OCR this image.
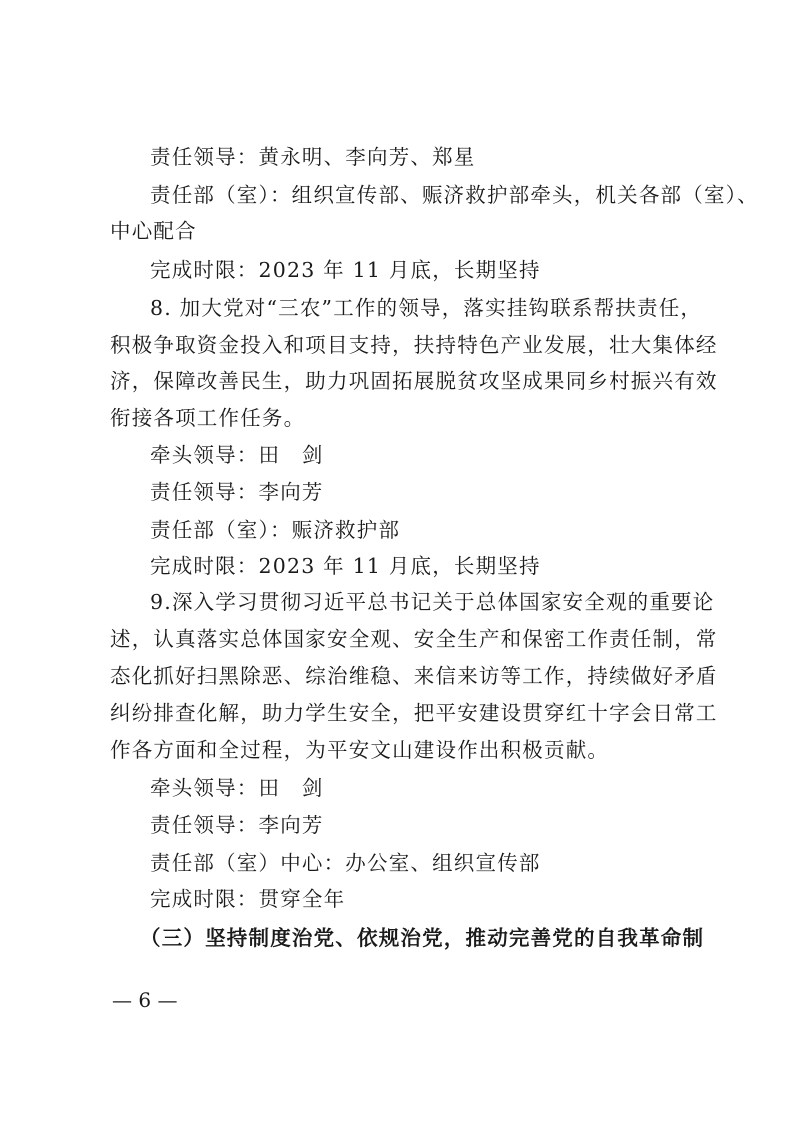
责任领导：黄永明、李向芳、郑星
责任部（室）：组织宣传部、赈济救护部牵头，机关各部（室）、
中心配合
完成时限：2023 年 11 月底，长期坚持
8. 加大党对“三农”工作的领导，落实挂钩联系帮扶责任，
积极争取资金投入和项目支持，扶持特色产业发展，壮大集体经
济，保障改善民生，助力巩固拓展脱贫攻坚成果同乡村振兴有效
衔接各项工作任务。
牵头领导：田　剑
责任领导：李向芳
责任部（室）：赈济救护部
完成时限：2023 年 11 月底，长期坚持
9.深入学习贯彻习近平总书记关于总体国家安全观的重要论
述，认真落实总体国家安全观、安全生产和保密工作责任制，常
态化抓好扫黑除恶、综治维稳、来信来访等工作，持续做好矛盾
纠纷排查化解，助力学生安全，把平安建设贯穿红十字会日常工
作各方面和全过程，为平安文山建设作出积极贡献。
牵头领导：田　剑
责任领导：李向芳
责任部（室）中心：办公室、组织宣传部
完成时限：贯穿全年
（三）坚持制度治党、依规治党，推动完善党的自我革命制
— 6 —
